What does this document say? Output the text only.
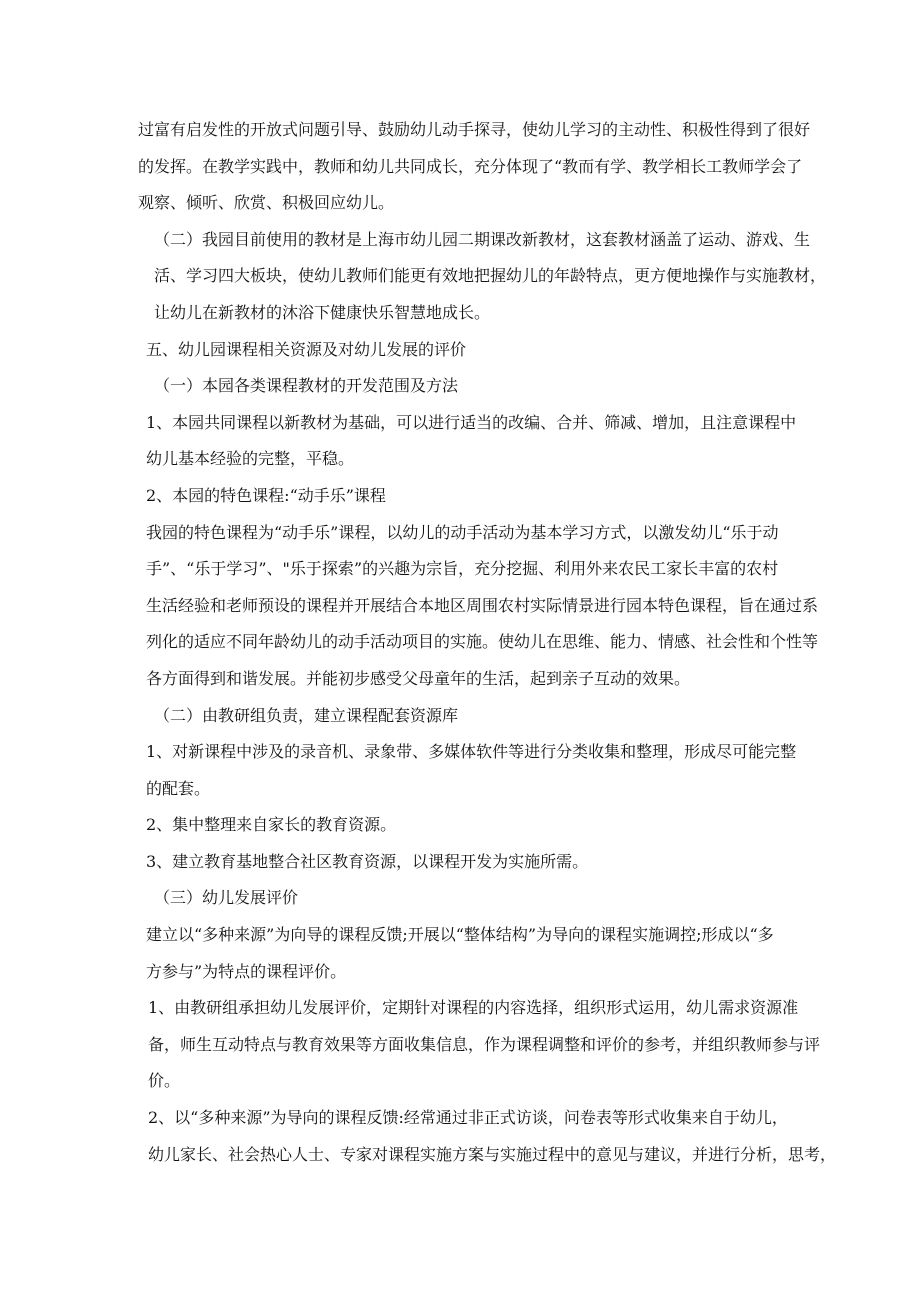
过富有启发性的开放式问题引导、鼓励幼儿动手探寻，使幼儿学习的主动性、积极性得到了很好
的发挥。在教学实践中，教师和幼儿共同成长，充分体现了“教而有学、教学相长工教师学会了
观察、倾听、欣赏、积极回应幼儿。

（二）我园目前使用的教材是上海市幼儿园二期课改新教材，这套教材涵盖了运动、游戏、生
活、学习四大板块，使幼儿教师们能更有效地把握幼儿的年龄特点，更方便地操作与实施教材，
让幼儿在新教材的沐浴下健康快乐智慧地成长。

五、幼儿园课程相关资源及对幼儿发展的评价

（一）本园各类课程教材的开发范围及方法

1、本园共同课程以新教材为基础，可以进行适当的改编、合并、筛减、增加，且注意课程中
幼儿基本经验的完整，平稳。

2、本园的特色课程:“动手乐”课程

我园的特色课程为“动手乐”课程，以幼儿的动手活动为基本学习方式，以激发幼儿“乐于动
手”、“乐于学习”、"乐于探索”的兴趣为宗旨，充分挖掘、利用外来农民工家长丰富的农村
生活经验和老师预设的课程并开展结合本地区周围农村实际情景进行园本特色课程，旨在通过系
列化的适应不同年龄幼儿的动手活动项目的实施。使幼儿在思维、能力、情感、社会性和个性等
各方面得到和谐发展。并能初步感受父母童年的生活，起到亲子互动的效果。

（二）由教研组负责，建立课程配套资源库

1、对新课程中涉及的录音机、录象带、多媒体软件等进行分类收集和整理，形成尽可能完整
的配套。

2、集中整理来自家长的教育资源。

3、建立教育基地整合社区教育资源，以课程开发为实施所需。

（三）幼儿发展评价

建立以“多种来源”为向导的课程反馈;开展以“整体结构”为导向的课程实施调控;形成以“多
方参与”为特点的课程评价。

1、由教研组承担幼儿发展评价，定期针对课程的内容选择，组织形式运用，幼儿需求资源准
备，师生互动特点与教育效果等方面收集信息，作为课程调整和评价的参考，并组织教师参与评
价。

2、以“多种来源”为导向的课程反馈:经常通过非正式访谈，问卷表等形式收集来自于幼儿，
幼儿家长、社会热心人士、专家对课程实施方案与实施过程中的意见与建议，并进行分析，思考，
